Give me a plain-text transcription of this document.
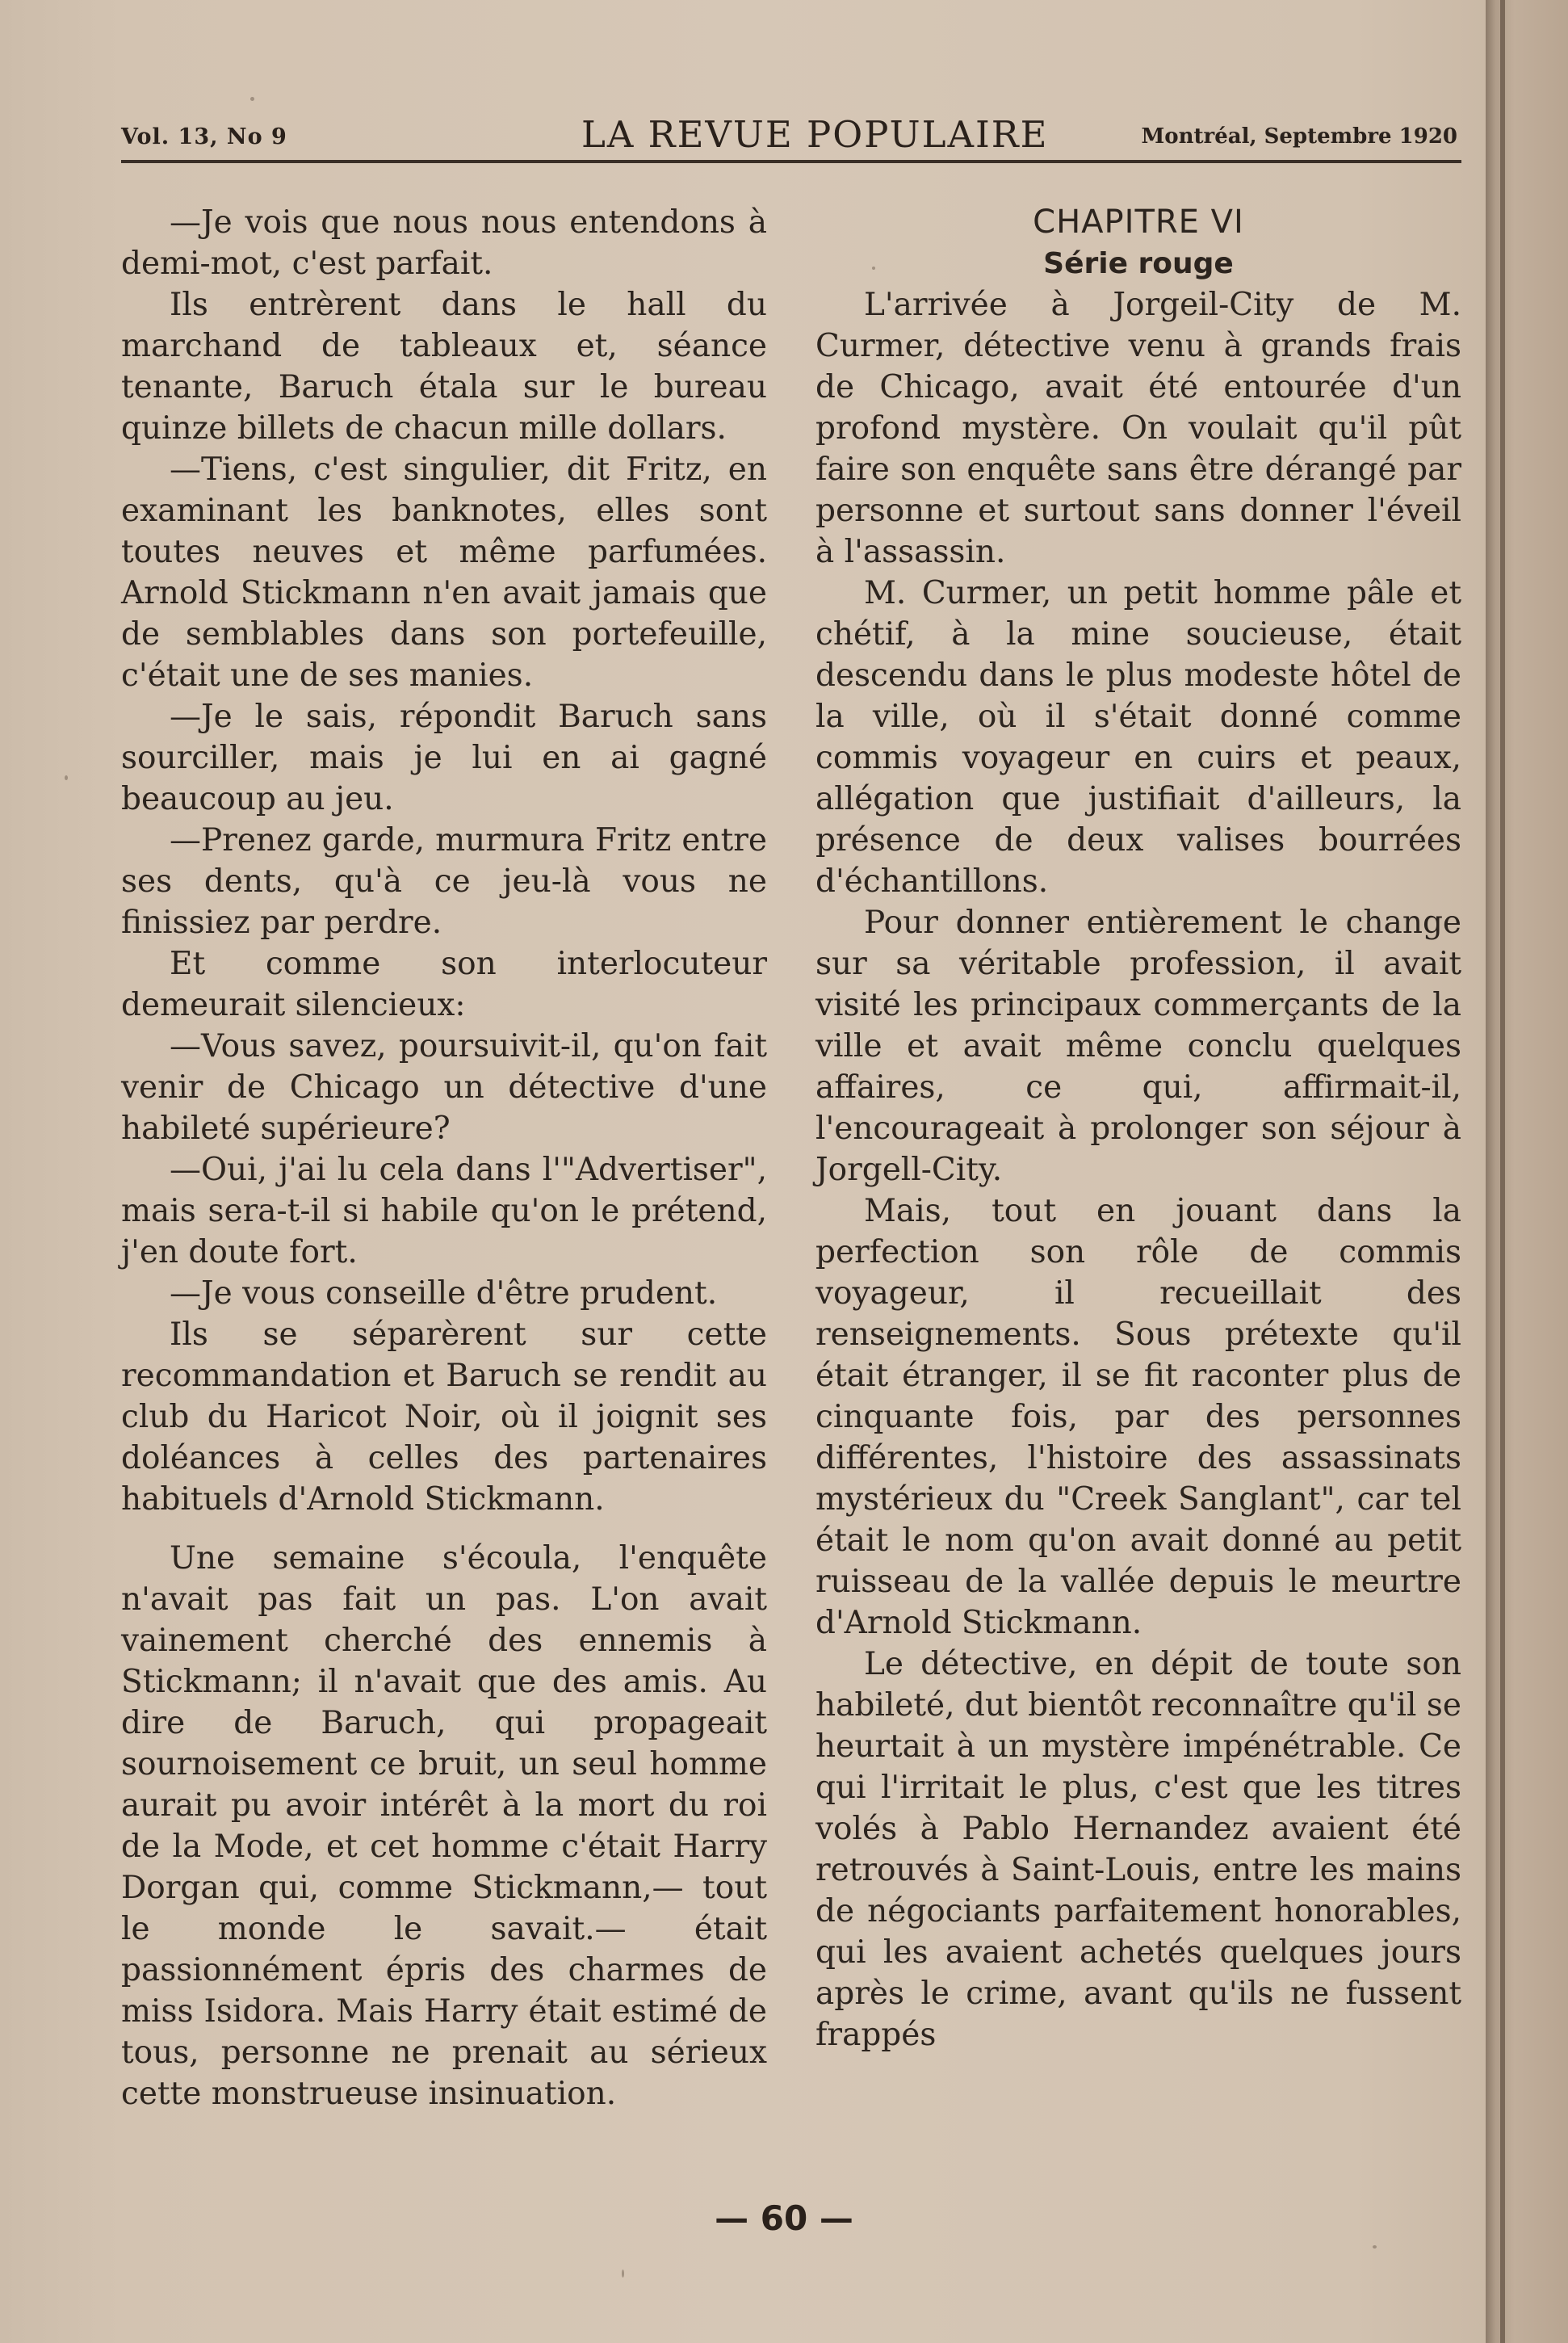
Vol. 13, No 9	LA REVUE POPULAIRE	Montréal, Septembre 1920

—Je vois que nous nous entendons à demi-mot, c'est parfait.

Ils entrèrent dans le hall du marchand de tableaux et, séance tenante, Baruch étala sur le bureau quinze billets de chacun mille dollars.

—Tiens, c'est singulier, dit Fritz, en examinant les banknotes, elles sont toutes neuves et même parfumées. Arnold Stickmann n'en avait jamais que de semblables dans son portefeuille, c'était une de ses manies.

—Je le sais, répondit Baruch sans sourciller, mais je lui en ai gagné beaucoup au jeu.

—Prenez garde, murmura Fritz entre ses dents, qu'à ce jeu-là vous ne finissiez par perdre.

Et comme son interlocuteur demeurait silencieux:

—Vous savez, poursuivit-il, qu'on fait venir de Chicago un détective d'une habileté supérieure?

—Oui, j'ai lu cela dans l'"Advertiser", mais sera-t-il si habile qu'on le prétend, j'en doute fort.

—Je vous conseille d'être prudent.

Ils se séparèrent sur cette recommandation et Baruch se rendit au club du Haricot Noir, où il joignit ses doléances à celles des partenaires habituels d'Arnold Stickmann.

Une semaine s'écoula, l'enquête n'avait pas fait un pas. L'on avait vainement cherché des ennemis à Stickmann; il n'avait que des amis. Au dire de Baruch, qui propageait sournoisement ce bruit, un seul homme aurait pu avoir intérêt à la mort du roi de la Mode, et cet homme c'était Harry Dorgan qui, comme Stickmann,— tout le monde le savait.— était passionnément épris des charmes de miss Isidora. Mais Harry était estimé de tous, personne ne prenait au sérieux cette monstrueuse insinuation.

CHAPITRE VI

Série rouge

L'arrivée à Jorgeil-City de M. Curmer, détective venu à grands frais de Chicago, avait été entourée d'un profond mystère. On voulait qu'il pût faire son enquête sans être dérangé par personne et surtout sans donner l'éveil à l'assassin.

M. Curmer, un petit homme pâle et chétif, à la mine soucieuse, était descendu dans le plus modeste hôtel de la ville, où il s'était donné comme commis voyageur en cuirs et peaux, allégation que justifiait d'ailleurs, la présence de deux valises bourrées d'échantillons.

Pour donner entièrement le change sur sa véritable profession, il avait visité les principaux commerçants de la ville et avait même conclu quelques affaires, ce qui, affirmait-il, l'encourageait à prolonger son séjour à Jorgell-City.

Mais, tout en jouant dans la perfection son rôle de commis voyageur, il recueillait des renseignements. Sous prétexte qu'il était étranger, il se fit raconter plus de cinquante fois, par des personnes différentes, l'histoire des assassinats mystérieux du "Creek Sanglant", car tel était le nom qu'on avait donné au petit ruisseau de la vallée depuis le meurtre d'Arnold Stickmann.

Le détective, en dépit de toute son habileté, dut bientôt reconnaître qu'il se heurtait à un mystère impénétrable. Ce qui l'irritait le plus, c'est que les titres volés à Pablo Hernandez avaient été retrouvés à Saint-Louis, entre les mains de négociants parfaitement honorables, qui les avaient achetés quelques jours après le crime, avant qu'ils ne fussent frappés

— 60 —
